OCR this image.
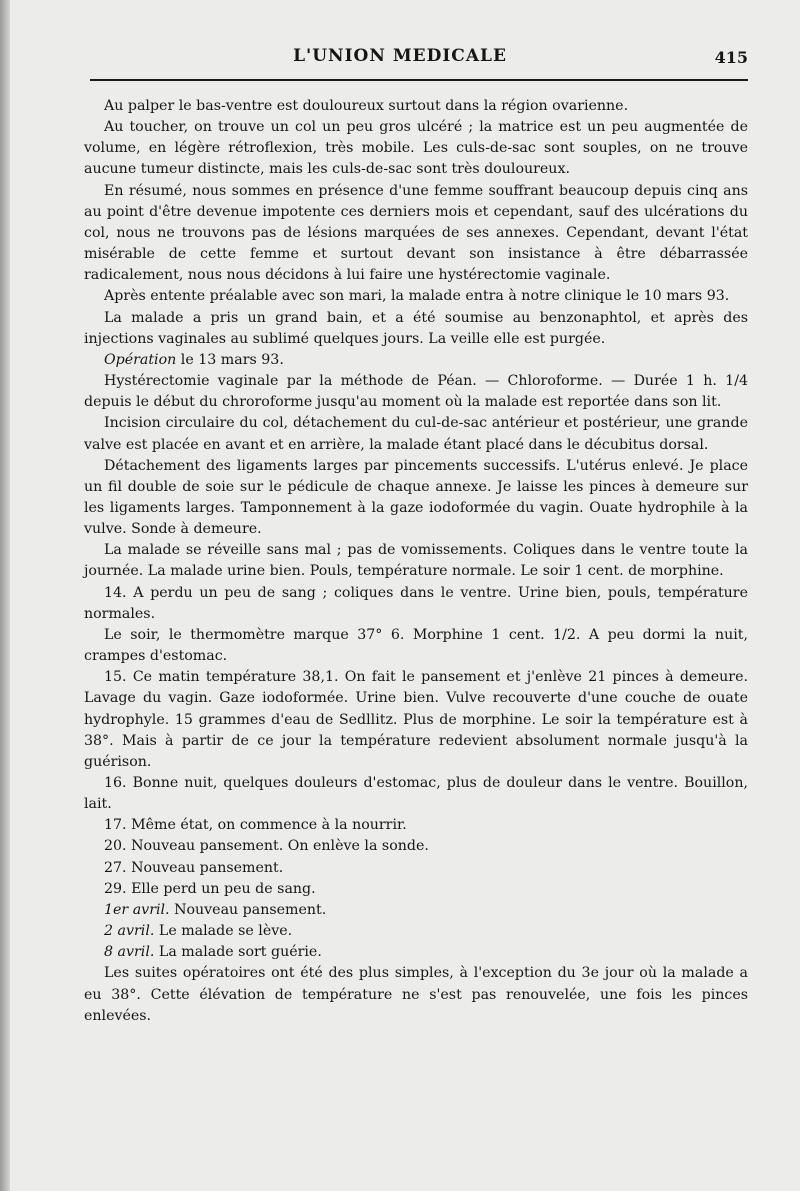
L'UNION MEDICALE	415

Au palper le bas-ventre est douloureux surtout dans la région ovarienne.

Au toucher, on trouve un col un peu gros ulcéré ; la matrice est un peu augmentée de volume, en légère rétroflexion, très mobile. Les culs-de-sac sont souples, on ne trouve aucune tumeur distincte, mais les culs-de-sac sont très douloureux.

En résumé, nous sommes en présence d'une femme souffrant beaucoup depuis cinq ans au point d'être devenue impotente ces derniers mois et cependant, sauf des ulcérations du col, nous ne trouvons pas de lésions marquées de ses annexes. Cependant, devant l'état misérable de cette femme et surtout devant son insistance à être débarrassée radicalement, nous nous décidons à lui faire une hystérectomie vaginale.

Après entente préalable avec son mari, la malade entra à notre clinique le 10 mars 93.

La malade a pris un grand bain, et a été soumise au benzonaphtol, et après des injections vaginales au sublimé quelques jours. La veille elle est purgée.

Opération le 13 mars 93.

Hystérectomie vaginale par la méthode de Péan. — Chloroforme. — Durée 1 h. 1/4 depuis le début du chroroforme jusqu'au moment où la malade est reportée dans son lit.

Incision circulaire du col, détachement du cul-de-sac antérieur et postérieur, une grande valve est placée en avant et en arrière, la malade étant placé dans le décubitus dorsal.

Détachement des ligaments larges par pincements successifs. L'utérus enlevé. Je place un fil double de soie sur le pédicule de chaque annexe. Je laisse les pinces à demeure sur les ligaments larges. Tamponnement à la gaze iodoformée du vagin. Ouate hydrophile à la vulve. Sonde à demeure.

La malade se réveille sans mal ; pas de vomissements. Coliques dans le ventre toute la journée. La malade urine bien. Pouls, température normale. Le soir 1 cent. de morphine.

14. A perdu un peu de sang ; coliques dans le ventre. Urine bien, pouls, température normales.

Le soir, le thermomètre marque 37° 6. Morphine 1 cent. 1/2. A peu dormi la nuit, crampes d'estomac.

15. Ce matin température 38,1. On fait le pansement et j'enlève 21 pinces à demeure. Lavage du vagin. Gaze iodoformée. Urine bien. Vulve recouverte d'une couche de ouate hydrophyle. 15 grammes d'eau de Sedllitz. Plus de morphine. Le soir la température est à 38°. Mais à partir de ce jour la température redevient absolument normale jusqu'à la guérison.

16. Bonne nuit, quelques douleurs d'estomac, plus de douleur dans le ventre. Bouillon, lait.

17. Même état, on commence à la nourrir.

20. Nouveau pansement. On enlève la sonde.

27. Nouveau pansement.

29. Elle perd un peu de sang.

1er avril. Nouveau pansement.

2 avril. Le malade se lève.

8 avril. La malade sort guérie.

Les suites opératoires ont été des plus simples, à l'exception du 3e jour où la malade a eu 38°. Cette élévation de température ne s'est pas renouvelée, une fois les pinces enlevées.
